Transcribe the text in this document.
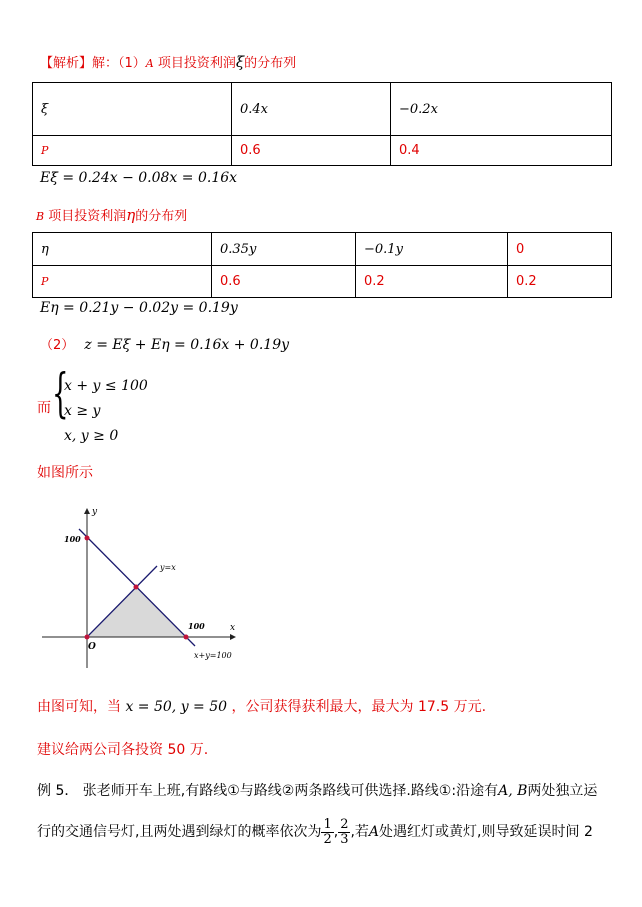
【解析】解：（1）A 项目投资利润ξ的分布列
ξ	0.4x	−0.2x
P	0.6	0.4
Eξ = 0.24x − 0.08x = 0.16x
B 项目投资利润η的分布列
η	0.35y	−0.1y	0
P	0.6	0.2	0.2
Eη = 0.21y − 0.02y = 0.19y
（2） z = Eξ + Eη = 0.16x + 0.19y
而 {
x + y ≤ 100
x ≥ y
x, y ≥ 0
如图所示
y
x
100
100
O
y=x
x+y=100
由图可知，当 x = 50, y = 50 ，公司获得获利最大，最大为 17.5 万元.
建议给两公司各投资 50 万.
例 5． 张老师开车上班,有路线①与路线②两条路线可供选择.路线①:沿途有A, B两处独立运
行的交通信号灯,且两处遇到绿灯的概率依次为 $\frac{1}{2}$ , $\frac{2}{3}$ ,若A处遇红灯或黄灯,则导致延误时间 2
